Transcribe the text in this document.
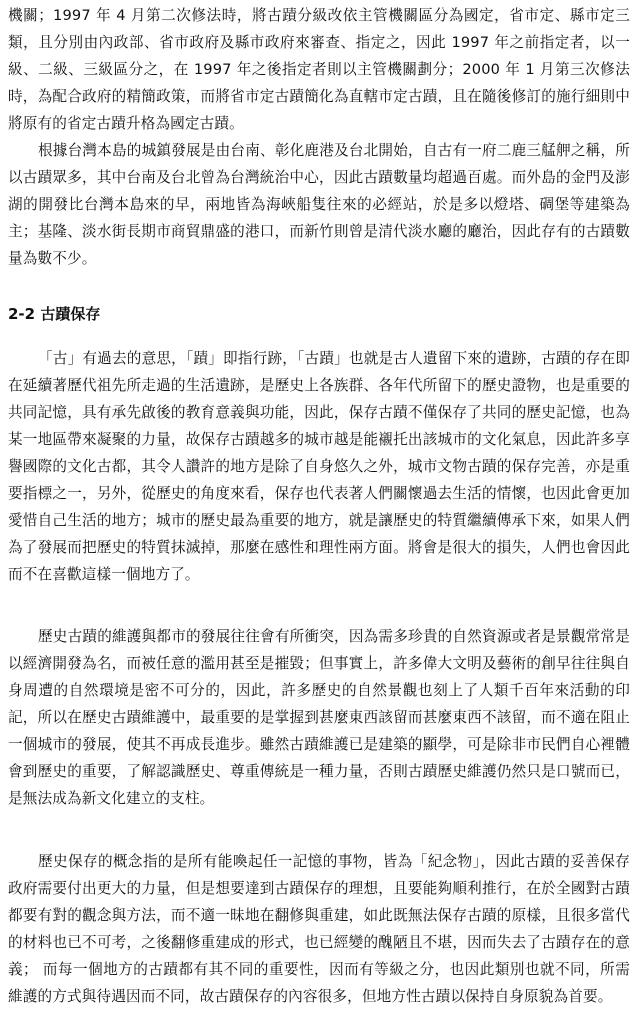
機關；1997 年 4 月第二次修法時，將古蹟分級改依主管機關區分為國定，省市定、縣市定三類，且分別由內政部、省市政府及縣市政府來審查、指定之，因此 1997 年之前指定者，以一級、二級、三級區分之，在 1997 年之後指定者則以主管機關劃分；2000 年 1 月第三次修法時，為配合政府的精簡政策，而將省市定古蹟簡化為直轄市定古蹟，且在隨後修訂的施行細則中將原有的省定古蹟升格為國定古蹟。

根據台灣本島的城鎮發展是由台南、彰化鹿港及台北開始，自古有一府二鹿三艋舺之稱，所以古蹟眾多，其中台南及台北曾為台灣統治中心，因此古蹟數量均超過百處。而外島的金門及澎湖的開發比台灣本島來的早，兩地皆為海峽船隻往來的必經站，於是多以燈塔、碉堡等建築為主；基隆、淡水街長期市商貿鼎盛的港口，而新竹則曾是清代淡水廳的廳治，因此存有的古蹟數量為數不少。

2-2 古蹟保存

「古」有過去的意思，「蹟」即指行跡，「古蹟」也就是古人遺留下來的遺跡，古蹟的存在即在延續著歷代祖先所走過的生活遺跡，是歷史上各族群、各年代所留下的歷史證物，也是重要的共同記憶，具有承先啟後的教育意義與功能，因此，保存古蹟不僅保存了共同的歷史記憶，也為某一地區帶來凝聚的力量，故保存古蹟越多的城市越是能襯托出該城市的文化氣息，因此許多享譽國際的文化古都，其令人讚許的地方是除了自身悠久之外，城市文物古蹟的保存完善，亦是重要指標之一，另外，從歷史的角度來看，保存也代表著人們關懷過去生活的情懷，也因此會更加愛惜自己生活的地方；城市的歷史最為重要的地方，就是讓歷史的特質繼續傳承下來，如果人們為了發展而把歷史的特質抹滅掉，那麼在感性和理性兩方面。將會是很大的損失，人們也會因此而不在喜歡這樣一個地方了。

歷史古蹟的維護與都市的發展往往會有所衝突，因為需多珍貴的自然資源或者是景觀常常是以經濟開發為名，而被任意的濫用甚至是摧毀；但事實上，許多偉大文明及藝術的創早往往與自身周遭的自然環境是密不可分的，因此，許多歷史的自然景觀也刻上了人類千百年來活動的印記，所以在歷史古蹟維護中，最重要的是掌握到甚麼東西該留而甚麼東西不該留，而不適在阻止一個城市的發展，使其不再成長進步。雖然古蹟維護已是建築的顯學，可是除非市民們自心裡體會到歷史的重要，了解認識歷史、尊重傳統是一種力量，否則古蹟歷史維護仍然只是口號而已，是無法成為新文化建立的支柱。

歷史保存的概念指的是所有能喚起任一記憶的事物，皆為「紀念物」，因此古蹟的妥善保存政府需要付出更大的力量，但是想要達到古蹟保存的理想，且要能夠順利推行，在於全國對古蹟都要有對的觀念與方法，而不適一昧地在翻修與重建，如此既無法保存古蹟的原樣，且很多當代的材料也已不可考，之後翻修重建成的形式，也已經變的醜陋且不堪，因而失去了古蹟存在的意義； 而每一個地方的古蹟都有其不同的重要性，因而有等級之分，也因此類別也就不同，所需維護的方式與待遇因而不同，故古蹟保存的內容很多，但地方性古蹟以保持自身原貌為首要。
